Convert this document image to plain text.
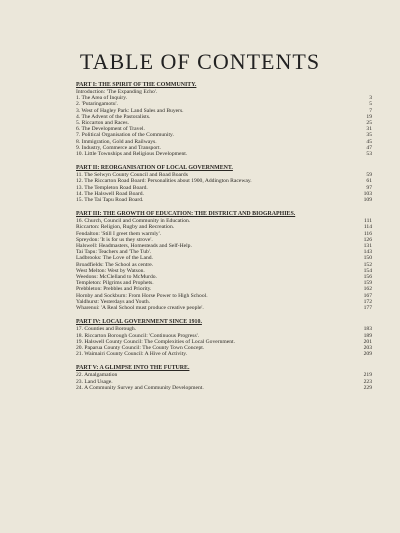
TABLE OF CONTENTS
PART I: THE SPIRIT OF THE COMMUNITY.
Introduction: 'The Expanding Echo'.
1. The Area of Inquiry.	3
2. 'Putaringamotu'.	5
3. West of Hagley Park: Land Sales and Buyers.	7
4. The Advent of the Pastoralists.	19
5. Riccarton and Races.	25
6. The Development of Travel.	31
7. Political Organisation of the Community.	35
8. Immigration, Gold and Railways.	45
9. Industry, Commerce and Transport.	47
10. Little Townships and Religious Development.	53
PART II: REORGANISATION OF LOCAL GOVERNMENT.
11. The Selwyn County Council and Road Boards	59
12. The Riccarton Road Board: Personalities about 1900, Addington Raceway.	61
13. The Templeton Road Board.	97
14. The Halswell Road Board.	103
15. The Tai Tapu Road Board.	109
PART III: THE GROWTH OF EDUCATION: THE DISTRICT AND BIOGRAPHIES.
16. Church, Council and Community in Education.	111
Riccarton: Religion, Rugby and Recreation.	114
Fendalton: 'Still I greet them warmly'.	116
Spreydon: 'It is for us they strove'.	126
Halswell: Headmasters, Homesteads and Self-Help.	131
Tai Tapu: Teachers and 'The Tub'.	143
Ladbrooks: The Love of the Land.	150
Broadfields: The School as centre.	152
West Melton: West by Watson.	154
Weedons: McClelland to McMurdo.	156
Templeton: Pilgrims and Prophets.	159
Prebbleton: Prebbles and Priority.	162
Hornby and Sockburn: From Horse Power to High School.	167
Yaldhurst: Yesterdays and Youth.	172
Wharenui: 'A Real School must produce creative people'.	177
PART IV: LOCAL GOVERNMENT SINCE 1910.
17. Counties and Borough.	183
18. Riccarton Borough Council: 'Continuous Progress'.	189
19. Halswell County Council: The Complexities of Local Government.	201
20. Paparua County Council: The County Town Concept.	203
21. Waimairi County Council: A Hive of Activity.	209
PART V: A GLIMPSE INTO THE FUTURE.
22. Amalgamation	219
23. Land Usage.	223
24. A Community Survey and Community Development.	229
